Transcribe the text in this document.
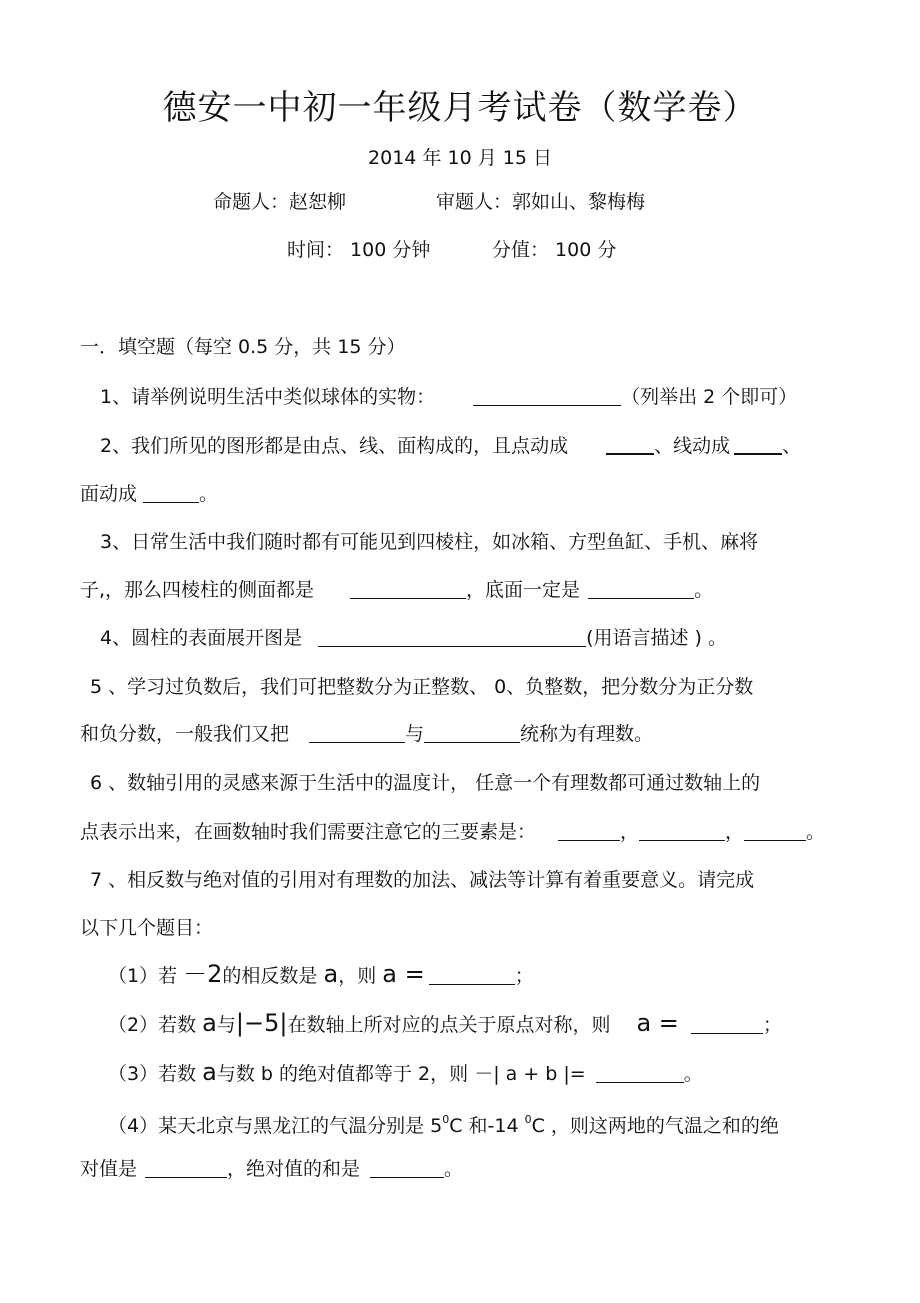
德安一中初一年级月考试卷（数学卷）
2014 年 10 月 15 日
命题人：赵恕柳	审题人：郭如山、黎梅梅
时间： 100 分钟	分值： 100 分
一．填空题（每空 0.5 分，共 15 分）
1、请举例说明生活中类似球体的实物：	（列举出 2 个即可）
2、我们所见的图形都是由点、线、面构成的，且点动成	、线动成	、
面动成	。
3、日常生活中我们随时都有可能见到四棱柱，如冰箱、方型鱼缸、手机、麻将
子,，那么四棱柱的侧面都是	，底面一定是	。
4、圆柱的表面展开图是	(用语言描述 ) 。
5 、学习过负数后，我们可把整数分为正整数、 0、负整数，把分数分为正分数
和负分数，一般我们又把	与	统称为有理数。
6 、数轴引用的灵感来源于生活中的温度计， 任意一个有理数都可通过数轴上的
点表示出来，在画数轴时我们需要注意它的三要素是：	，	，	。
7 、相反数与绝对值的引用对有理数的加法、减法等计算有着重要意义。请完成
以下几个题目：
（1）若 －2的相反数是 a，则 a =	；
（2）若数 a与|−5|在数轴上所对应的点关于原点对称，则 a =	；
（3）若数 a与数 b 的绝对值都等于 2，则 －| a + b |=	。
（4）某天北京与黑龙江的气温分别是 $5^0C$ 和-14 $^0$C ，则这两地的气温之和的绝
对值是	，绝对值的和是	。
